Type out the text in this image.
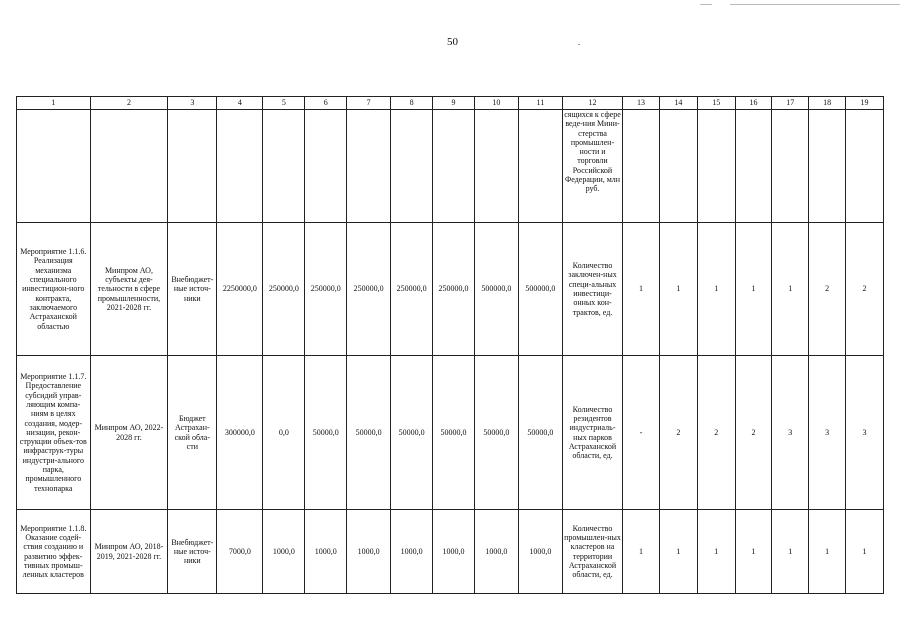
50
1	2	3	4	5	6	7	8	9	10	11	12	13	14	15	16	17	18	19
											сящихся к сфере веде-ния Мини-стерства промышлен-ности и торговли Российской Федерации, млн руб.							
Мероприятие 1.1.6. Реализация механизма специального инвестицион-ного контракта, заключаемого Астраханской областью	Минпром АО, субъекты дея-тельности в сфере промышленности, 2021-2028 гг.	Внебюджет-ные источ-ники	2250000,0	250000,0	250000,0	250000,0	250000,0	250000,0	500000,0	500000,0	Количество заключен-ных специ-альных инвестици-онных кон-трактов, ед.	1	1	1	1	1	2	2
Мероприятие 1.1.7. Предоставление субсидий управ-ляющим компа-ниям в целях создания, модер-низации, рекон-струкции объек-тов инфраструк-туры индустри-ального парка, промышленного технопарка	Минпром АО, 2022-2028 гг.	Бюджет Астрахан-ской обла-сти	300000,0	0,0	50000,0	50000,0	50000,0	50000,0	50000,0	50000,0	Количество резидентов индустриаль-ных парков Астраханской области, ед.	-	2	2	2	3	3	3
Мероприятие 1.1.8. Оказание содей-ствия созданию и развитию эффек-тивных промыш-ленных кластеров	Минпром АО, 2018-2019, 2021-2028 гг.	Внебюджет-ные источ-ники	7000,0	1000,0	1000,0	1000,0	1000,0	1000,0	1000,0	1000,0	Количество промышлен-ных кластеров на территории Астраханской области, ед.	1	1	1	1	1	1	1
